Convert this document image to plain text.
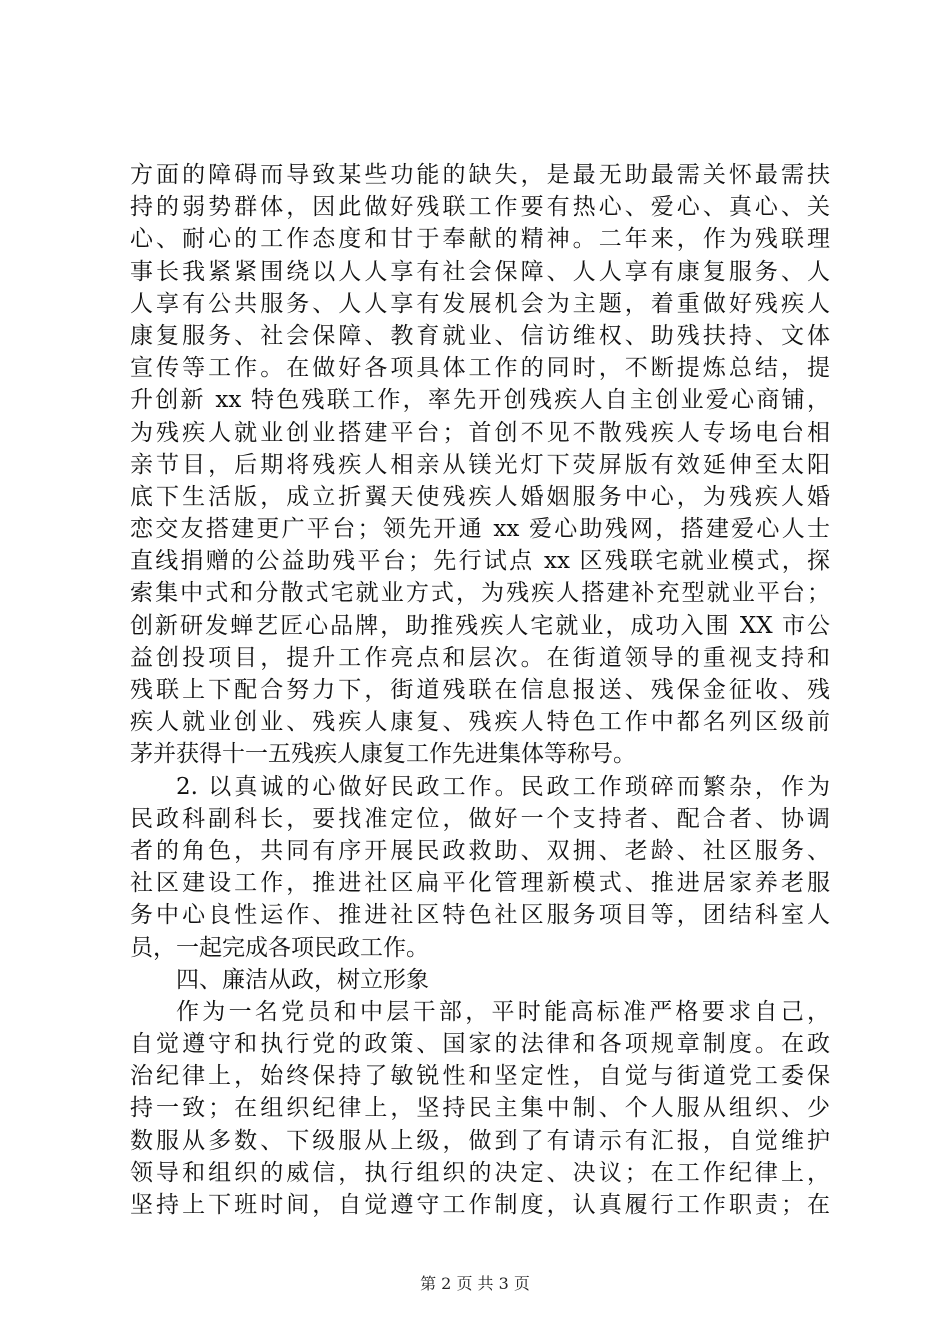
方面的障碍而导致某些功能的缺失，是最无助最需关怀最需扶
持的弱势群体，因此做好残联工作要有热心、爱心、真心、关
心、耐心的工作态度和甘于奉献的精神。二年来，作为残联理
事长我紧紧围绕以人人享有社会保障、人人享有康复服务、人
人享有公共服务、人人享有发展机会为主题，着重做好残疾人
康复服务、社会保障、教育就业、信访维权、助残扶持、文体
宣传等工作。在做好各项具体工作的同时，不断提炼总结，提
升创新 xx 特色残联工作，率先开创残疾人自主创业爱心商铺，
为残疾人就业创业搭建平台；首创不见不散残疾人专场电台相
亲节目，后期将残疾人相亲从镁光灯下荧屏版有效延伸至太阳
底下生活版，成立折翼天使残疾人婚姻服务中心，为残疾人婚
恋交友搭建更广平台；领先开通 xx 爱心助残网，搭建爱心人士
直线捐赠的公益助残平台；先行试点 xx 区残联宅就业模式，探
索集中式和分散式宅就业方式，为残疾人搭建补充型就业平台；
创新研发蝉艺匠心品牌，助推残疾人宅就业，成功入围 XX 市公
益创投项目，提升工作亮点和层次。在街道领导的重视支持和
残联上下配合努力下，街道残联在信息报送、残保金征收、残
疾人就业创业、残疾人康复、残疾人特色工作中都名列区级前
茅并获得十一五残疾人康复工作先进集体等称号。
2. 以真诚的心做好民政工作。民政工作琐碎而繁杂，作为
民政科副科长，要找准定位，做好一个支持者、配合者、协调
者的角色，共同有序开展民政救助、双拥、老龄、社区服务、
社区建设工作，推进社区扁平化管理新模式、推进居家养老服
务中心良性运作、推进社区特色社区服务项目等，团结科室人
员，一起完成各项民政工作。
四、廉洁从政，树立形象
作为一名党员和中层干部，平时能高标准严格要求自己，
自觉遵守和执行党的政策、国家的法律和各项规章制度。在政
治纪律上，始终保持了敏锐性和坚定性，自觉与街道党工委保
持一致；在组织纪律上，坚持民主集中制、个人服从组织、少
数服从多数、下级服从上级，做到了有请示有汇报，自觉维护
领导和组织的威信，执行组织的决定、决议；在工作纪律上，
坚持上下班时间，自觉遵守工作制度，认真履行工作职责；在
第 2 页 共 3 页
